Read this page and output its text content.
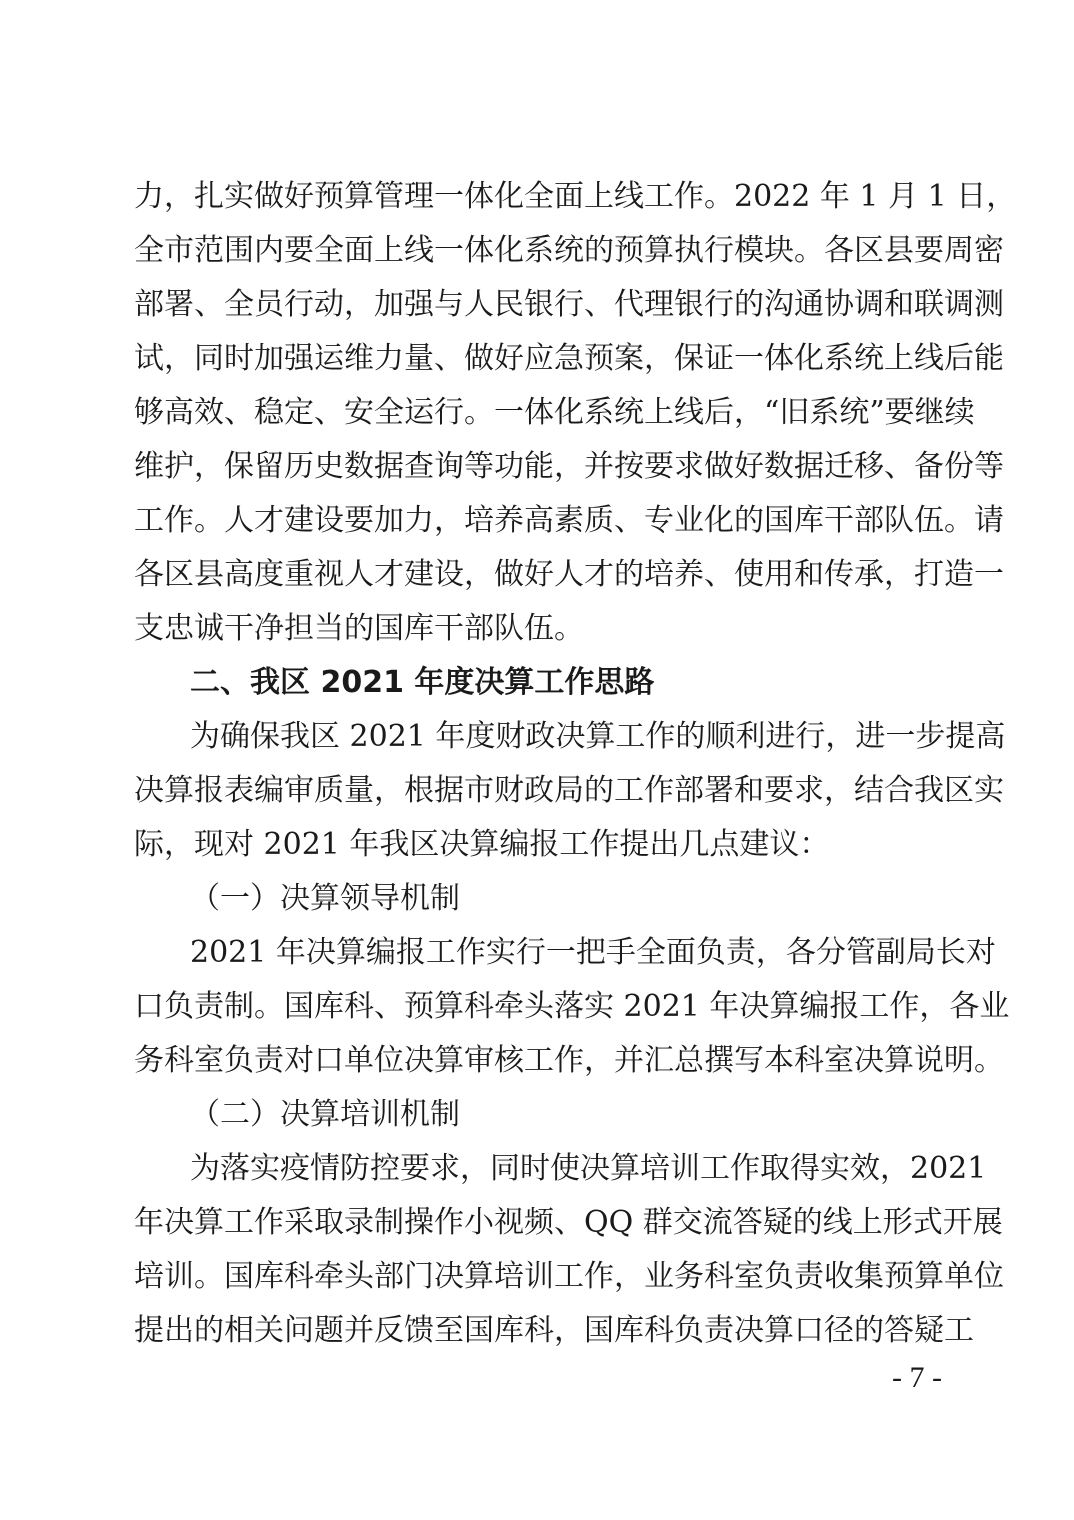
力，扎实做好预算管理一体化全面上线工作。2022 年 1 月 1 日，
全市范围内要全面上线一体化系统的预算执行模块。各区县要周密
部署、全员行动，加强与人民银行、代理银行的沟通协调和联调测
试，同时加强运维力量、做好应急预案，保证一体化系统上线后能
够高效、稳定、安全运行。一体化系统上线后，“旧系统”要继续
维护，保留历史数据查询等功能，并按要求做好数据迁移、备份等
工作。人才建设要加力，培养高素质、专业化的国库干部队伍。请
各区县高度重视人才建设，做好人才的培养、使用和传承，打造一
支忠诚干净担当的国库干部队伍。
二、我区 2021 年度决算工作思路
为确保我区 2021 年度财政决算工作的顺利进行，进一步提高
决算报表编审质量，根据市财政局的工作部署和要求，结合我区实
际，现对 2021 年我区决算编报工作提出几点建议：
（一）决算领导机制
2021 年决算编报工作实行一把手全面负责，各分管副局长对
口负责制。国库科、预算科牵头落实 2021 年决算编报工作，各业
务科室负责对口单位决算审核工作，并汇总撰写本科室决算说明。
（二）决算培训机制
为落实疫情防控要求，同时使决算培训工作取得实效，2021
年决算工作采取录制操作小视频、QQ 群交流答疑的线上形式开展
培训。国库科牵头部门决算培训工作，业务科室负责收集预算单位
提出的相关问题并反馈至国库科，国库科负责决算口径的答疑工
- 7 -
